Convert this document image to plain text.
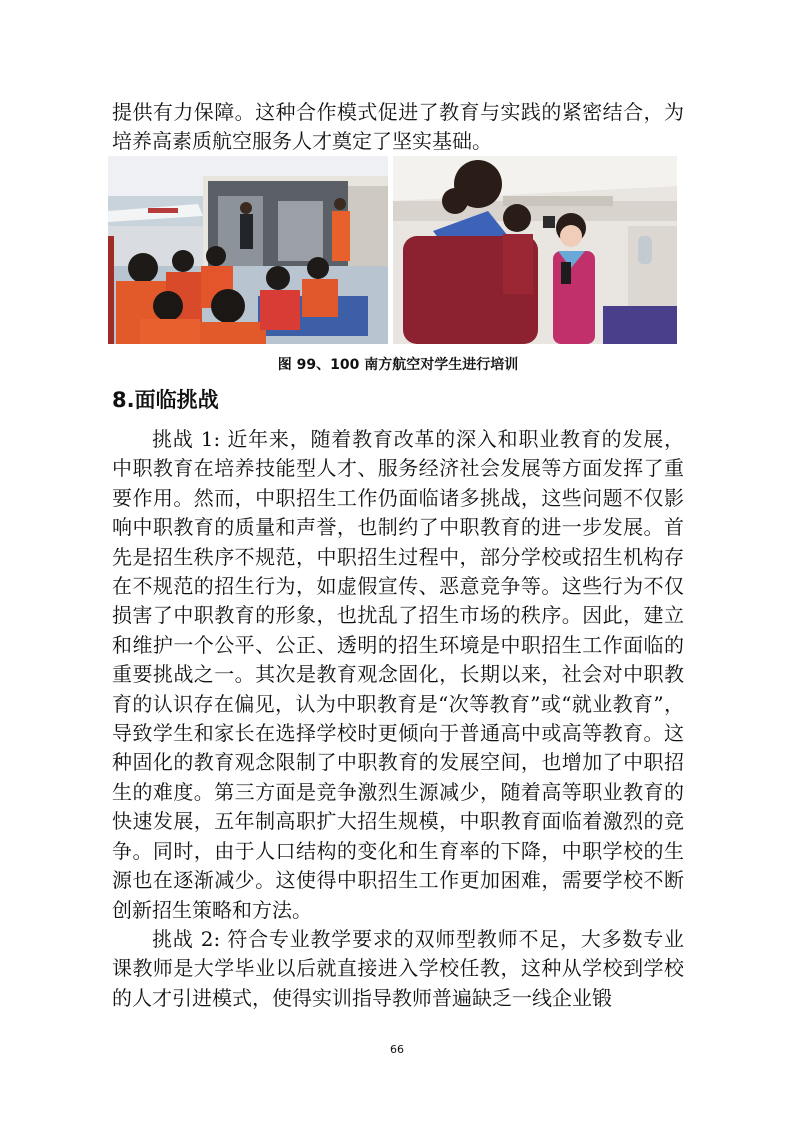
提供有力保障。这种合作模式促进了教育与实践的紧密结合，为培养高素质航空服务人才奠定了坚实基础。

图 99、100 南方航空对学生进行培训
8.面临挑战

挑战 1: 近年来，随着教育改革的深入和职业教育的发展，中职教育在培养技能型人才、服务经济社会发展等方面发挥了重要作用。然而，中职招生工作仍面临诸多挑战，这些问题不仅影响中职教育的质量和声誉，也制约了中职教育的进一步发展。首先是招生秩序不规范，中职招生过程中，部分学校或招生机构存在不规范的招生行为，如虚假宣传、恶意竞争等。这些行为不仅损害了中职教育的形象，也扰乱了招生市场的秩序。因此，建立和维护一个公平、公正、透明的招生环境是中职招生工作面临的重要挑战之一。其次是教育观念固化，长期以来，社会对中职教育的认识存在偏见，认为中职教育是“次等教育”或“就业教育”，导致学生和家长在选择学校时更倾向于普通高中或高等教育。这种固化的教育观念限制了中职教育的发展空间，也增加了中职招生的难度。第三方面是竞争激烈生源减少，随着高等职业教育的快速发展，五年制高职扩大招生规模，中职教育面临着激烈的竞争。同时，由于人口结构的变化和生育率的下降，中职学校的生源也在逐渐减少。这使得中职招生工作更加困难，需要学校不断创新招生策略和方法。

挑战 2: 符合专业教学要求的双师型教师不足，大多数专业课教师是大学毕业以后就直接进入学校任教，这种从学校到学校的人才引进模式，使得实训指导教师普遍缺乏一线企业锻

66
